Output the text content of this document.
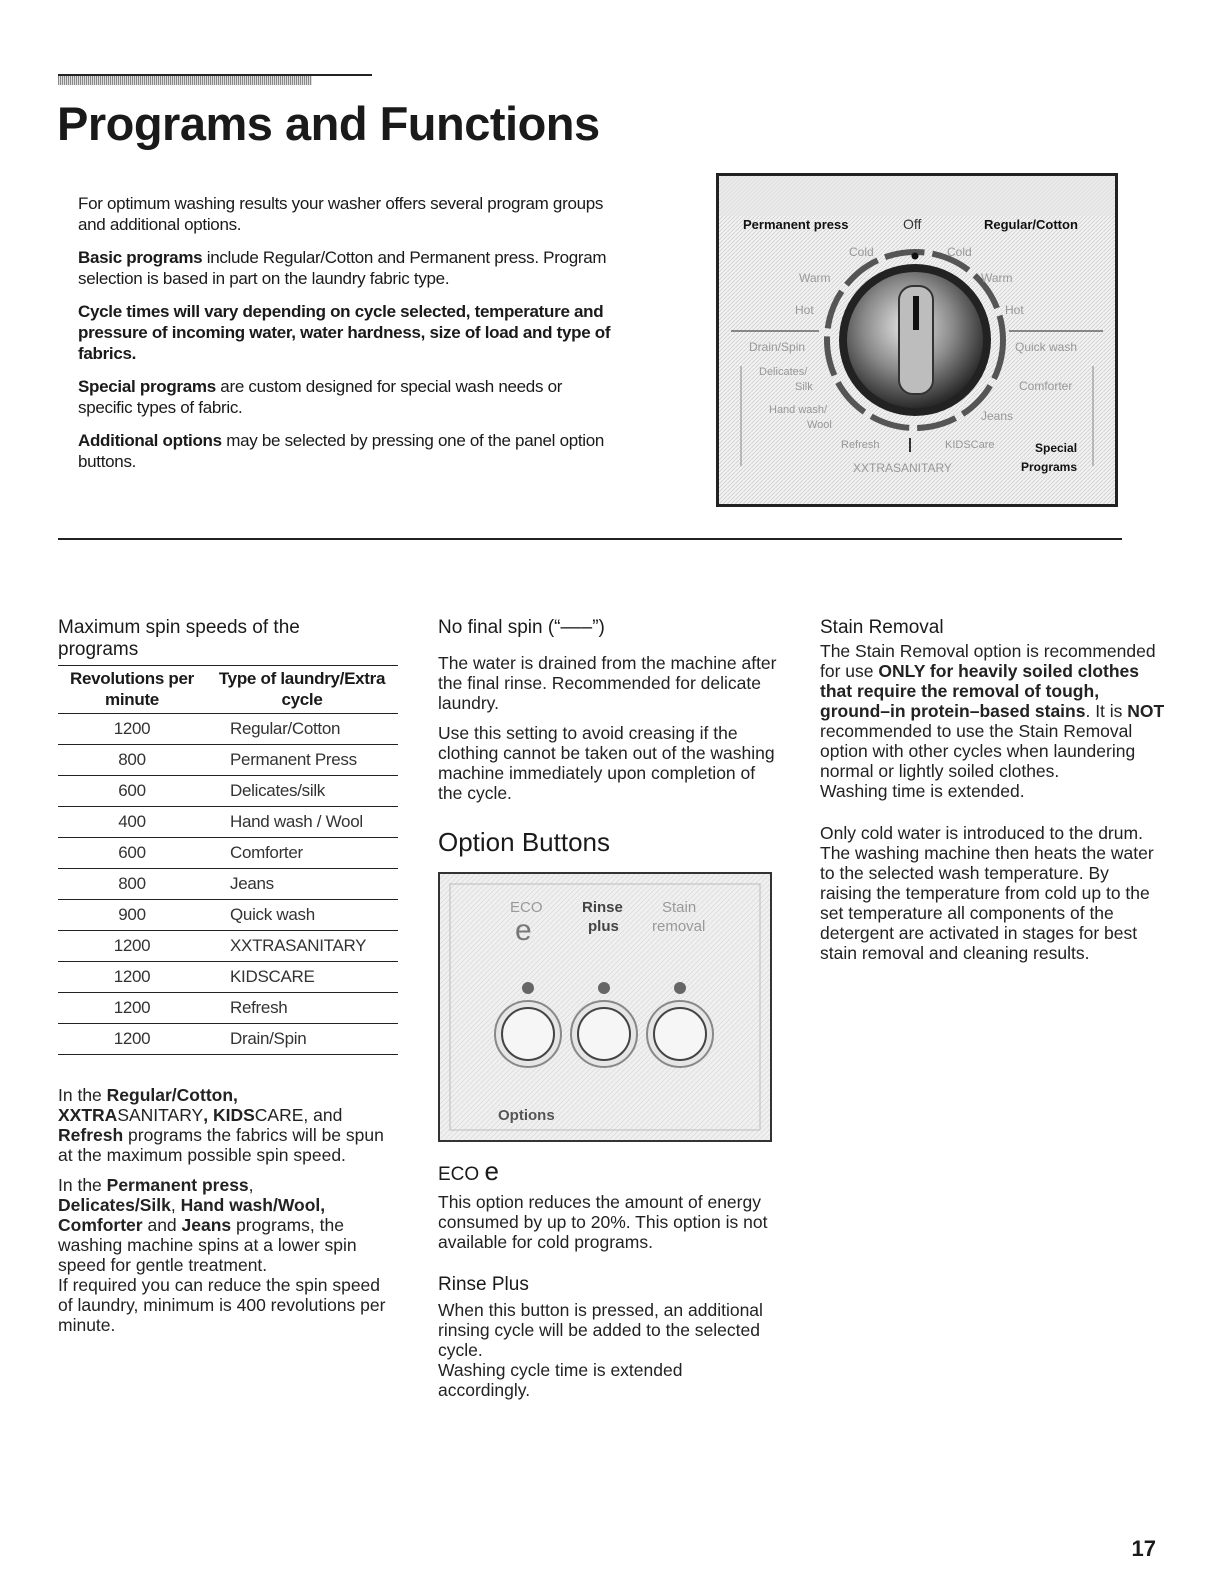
Programs and Functions

For optimum washing results your washer offers several program groups and additional options.

Basic programs include Regular/Cotton and Permanent press. Program selection is based in part on the laundry fabric type.

Cycle times will vary depending on cycle selected, temperature and pressure of incoming water, water hardness, size of load and type of fabrics.

Special programs are custom designed for special wash needs or specific types of fabric.

Additional options may be selected by pressing one of the panel option buttons.

Permanent press	Off	Regular/Cotton
Cold	Cold
Warm	Warm
Hot	Hot
Drain/Spin	Quick wash
Delicates/
Silk	Comforter
Hand wash/
Wool
Jeans
Refresh	KIDSCare
XXTRASANITARY
Special
Programs
Maximum spin speeds of the programs
Revolutions per minute	Type of laundry/Extra cycle
1200	Regular/Cotton
800	Permanent Press
600	Delicates/silk
400	Hand wash / Wool
600	Comforter
800	Jeans
900	Quick wash
1200	XXTRASANITARY
1200	KIDSCARE
1200	Refresh
1200	Drain/Spin

In the Regular/Cotton,
XXTRASANITARY, KIDSCARE, and
Refresh programs the fabrics will be spun at the maximum possible spin speed.

In the Permanent press,
Delicates/Silk, Hand wash/Wool,
Comforter and Jeans programs, the washing machine spins at a lower spin speed for gentle treatment.

If required you can reduce the spin speed of laundry, minimum is 400 revolutions per minute.

No final spin (“–––”)

The water is drained from the machine after the final rinse. Recommended for delicate laundry.

Use this setting to avoid creasing if the clothing cannot be taken out of the washing machine immediately upon completion of the cycle.

Option Buttons
ECO
e
Rinse
plus
Stain
removal
Options
ECO e

This option reduces the amount of energy consumed by up to 20%. This option is not available for cold programs.

Rinse Plus

When this button is pressed, an additional rinsing cycle will be added to the selected cycle.

Washing cycle time is extended accordingly.

Stain Removal

The Stain Removal option is recommended for use ONLY for heavily soiled clothes that require the removal of tough, ground–in protein–based stains. It is NOT recommended to use the Stain Removal option with other cycles when laundering normal or lightly soiled clothes.

Washing time is extended.

Only cold water is introduced to the drum. The washing machine then heats the water to the selected wash temperature. By raising the temperature from cold up to the set temperature all components of the detergent are activated in stages for best stain removal and cleaning results.

17
